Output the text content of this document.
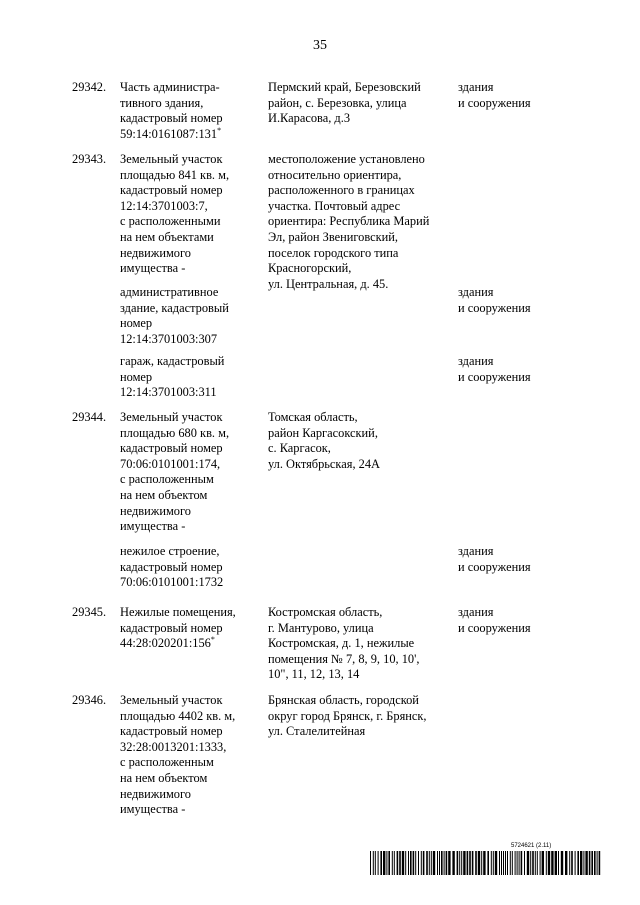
35
29342. Часть администра-
тивного здания,
кадастровый номер
59:14:0161087:131*
Пермский край, Березовский
район, с. Березовка, улица
И.Карасова, д.3
здания
и сооружения
29343. Земельный участок
площадью 841 кв. м,
кадастровый номер
12:14:3701003:7,
с расположенными
на нем объектами
недвижимого
имущества -
местоположение установлено
относительно ориентира,
расположенного в границах
участка. Почтовый адрес
ориентира: Республика Марий
Эл, район Звениговский,
поселок городского типа
Красногорский,
ул. Центральная, д. 45.
административное
здание, кадастровый
номер
12:14:3701003:307
здания
и сооружения
гараж, кадастровый
номер
12:14:3701003:311
здания
и сооружения
29344. Земельный участок
площадью 680 кв. м,
кадастровый номер
70:06:0101001:174,
с расположенным
на нем объектом
недвижимого
имущества -
Томская область,
район Каргасокский,
с. Каргасок,
ул. Октябрьская, 24А
нежилое строение,
кадастровый номер
70:06:0101001:1732
здания
и сооружения
29345. Нежилые помещения,
кадастровый номер
44:28:020201:156*
Костромская область,
г. Мантурово, улица
Костромская, д. 1, нежилые
помещения № 7, 8, 9, 10, 10',
10", 11, 12, 13, 14
здания
и сооружения
29346. Земельный участок
площадью 4402 кв. м,
кадастровый номер
32:28:0013201:1333,
с расположенным
на нем объектом
недвижимого
имущества -
Брянская область, городской
округ город Брянск, г. Брянск,
ул. Сталелитейная
5724621 (2.11)
